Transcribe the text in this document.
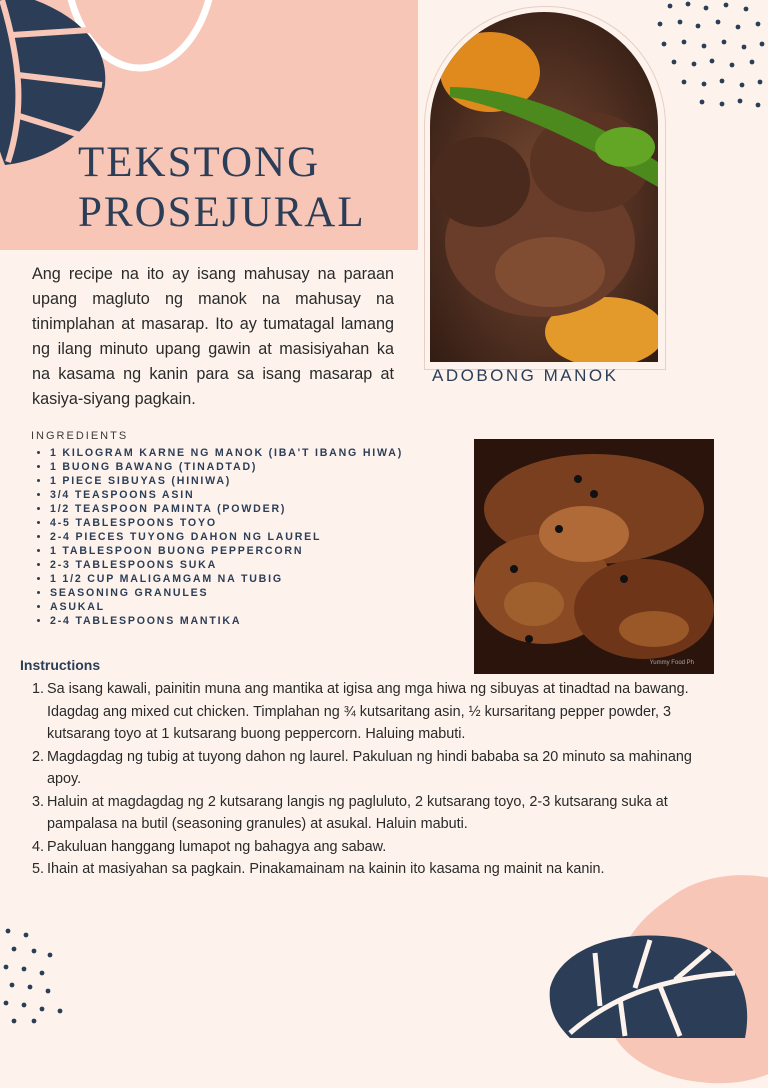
TEKSTONG
PROSEJURAL

Ang recipe na ito ay isang mahusay na paraan upang magluto ng manok na mahusay na tinimplahan at masarap. Ito ay tumatagal lamang ng ilang minuto upang gawin at masisiyahan ka na kasama ng kanin para sa isang masarap at kasiya-siyang pagkain.

ADOBONG MANOK
INGREDIENTS
• 1 KILOGRAM KARNE NG MANOK (IBA'T IBANG HIWA)
• 1 BUONG BAWANG (TINADTAD)
• 1 PIECE SIBUYAS (HINIWA)
• 3/4 TEASPOONS ASIN
• 1/2 TEASPOON PAMINTA (POWDER)
• 4-5 TABLESPOONS TOYO
• 2-4 PIECES TUYONG DAHON NG LAUREL
• 1 TABLESPOON BUONG PEPPERCORN
• 2-3 TABLESPOONS SUKA
• 1 1/2 CUP MALIGAMGAM NA TUBIG
• SEASONING GRANULES
• ASUKAL
• 2-4 TABLESPOONS MANTIKA
Yummy Food Ph
Instructions
1. Sa isang kawali, painitin muna ang mantika at igisa ang mga hiwa ng sibuyas at tinadtad na bawang. Idagdag ang mixed cut chicken. Timplahan ng ¾ kutsaritang asin, ½ kursaritang pepper powder, 3 kutsarang toyo at 1 kutsarang buong peppercorn. Haluing mabuti.
2. Magdagdag ng tubig at tuyong dahon ng laurel. Pakuluan ng hindi bababa sa 20 minuto sa mahinang apoy.
3. Haluin at magdagdag ng 2 kutsarang langis ng pagluluto, 2 kutsarang toyo, 2-3 kutsarang suka at pampalasa na butil (seasoning granules) at asukal. Haluin mabuti.
4. Pakuluan hanggang lumapot ng bahagya ang sabaw.
5. Ihain at masiyahan sa pagkain. Pinakamainam na kainin ito kasama ng mainit na kanin.
